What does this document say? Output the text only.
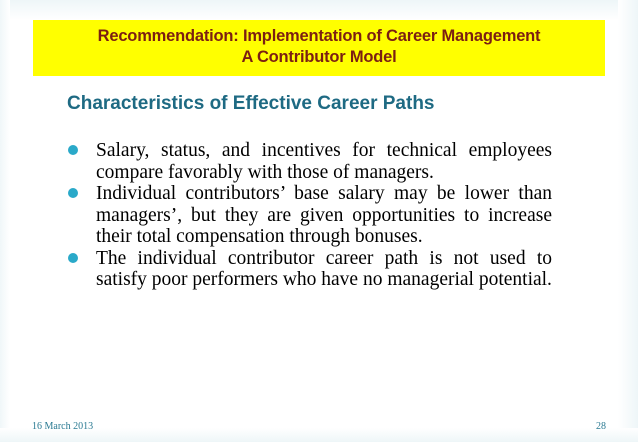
Recommendation: Implementation of Career Management
A Contributor Model
Characteristics of Effective Career Paths
Salary, status, and incentives for technical employees compare favorably with those of managers.
Individual contributors’ base salary may be lower than managers’, but they are given opportunities to increase their total compensation through bonuses.
The individual contributor career path is not used to satisfy poor performers who have no managerial potential.
16 March 2013	28
